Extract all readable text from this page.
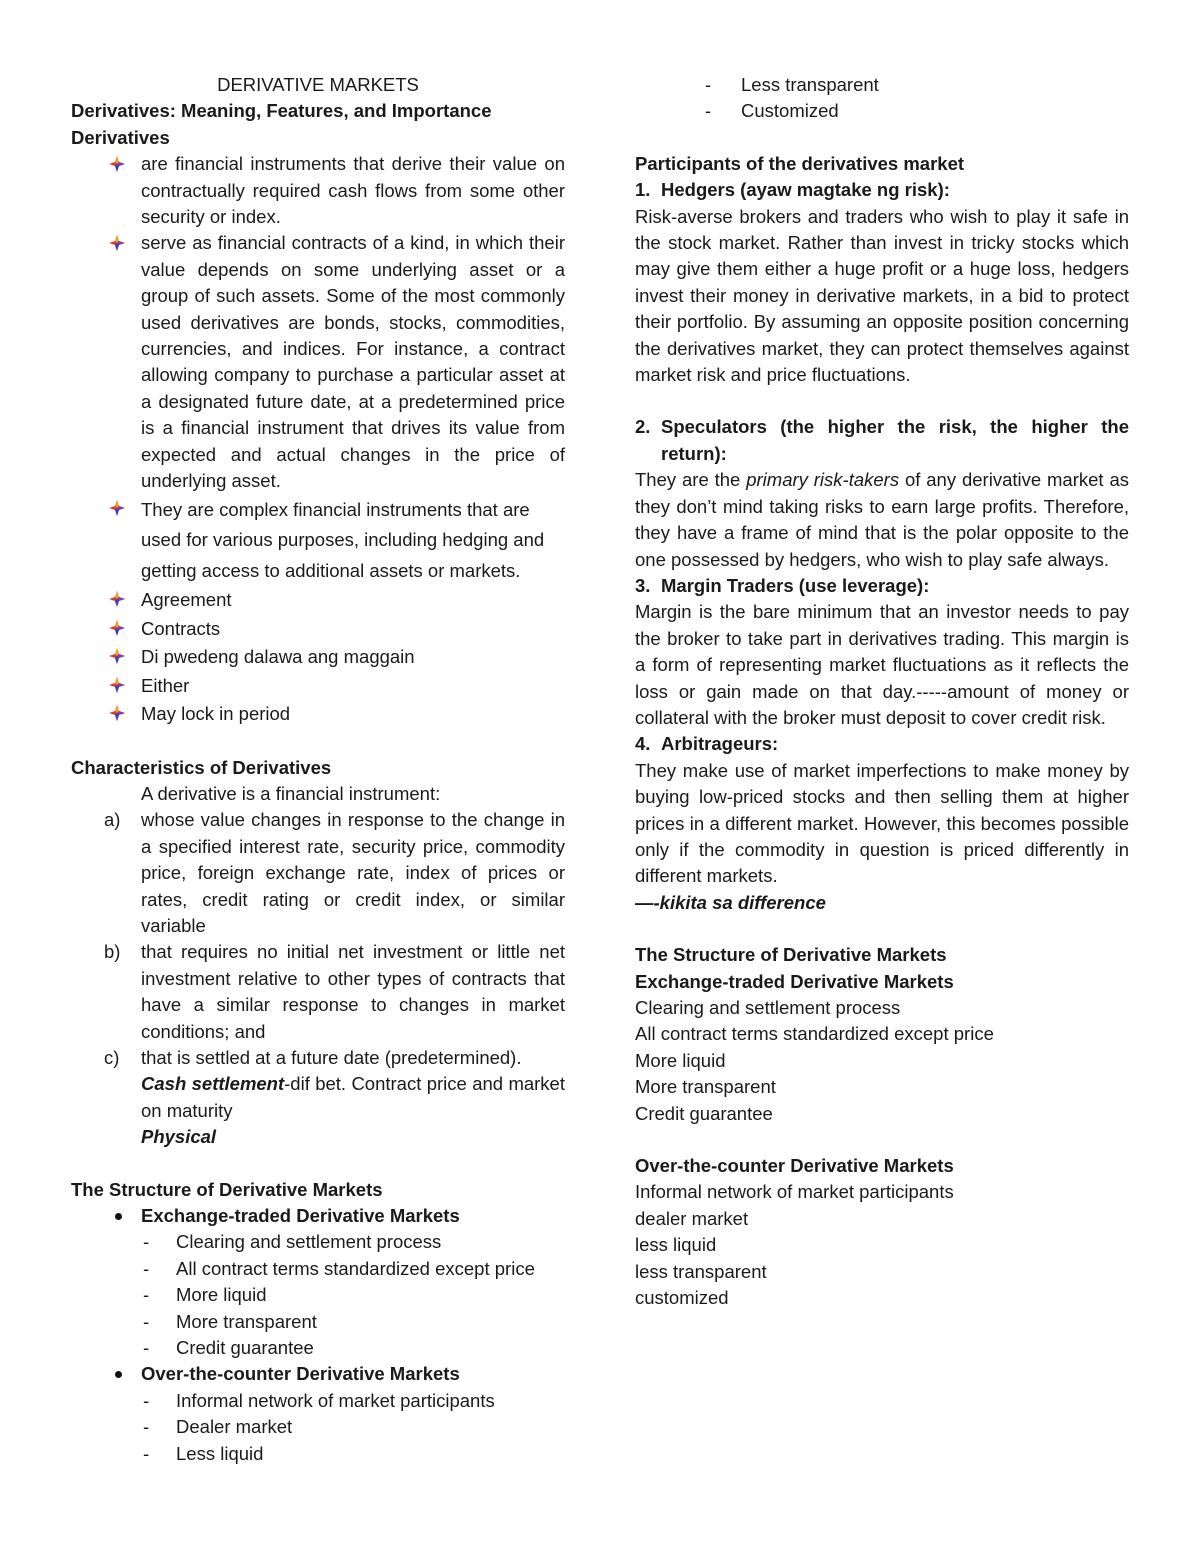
DERIVATIVE MARKETS

Derivatives: Meaning, Features, and Importance

Derivatives

are financial instruments that derive their value on contractually required cash flows from some other security or index.
serve as financial contracts of a kind, in which their value depends on some underlying asset or a group of such assets. Some of the most commonly used derivatives are bonds, stocks, commodities, currencies, and indices. For instance, a contract allowing company to purchase a particular asset at a designated future date, at a predetermined price is a financial instrument that drives its value from expected and actual changes in the price of underlying asset.
They are complex financial instruments that are used for various purposes, including hedging and getting access to additional assets or markets.
Agreement
Contracts
Di pwedeng dalawa ang maggain
Either
May lock in period

Characteristics of Derivatives

A derivative is a financial instrument:

a) whose value changes in response to the change in a specified interest rate, security price, commodity price, foreign exchange rate, index of prices or rates, credit rating or credit index, or similar variable
b) that requires no initial net investment or little net investment relative to other types of contracts that have a similar response to changes in market conditions; and
c) that is settled at a future date (predetermined).

Cash settlement-dif bet. Contract price and market on maturity

Physical

The Structure of Derivative Markets

Exchange-traded Derivative Markets
- Clearing and settlement process
- All contract terms standardized except price
- More liquid
- More transparent
- Credit guarantee
Over-the-counter Derivative Markets
- Informal network of market participants
- Dealer market
- Less liquid
- Less transparent
- Customized

Participants of the derivatives market

1. Hedgers (ayaw magtake ng risk):

Risk-averse brokers and traders who wish to play it safe in the stock market. Rather than invest in tricky stocks which may give them either a huge profit or a huge loss, hedgers invest their money in derivative markets, in a bid to protect their portfolio. By assuming an opposite position concerning the derivatives market, they can protect themselves against market risk and price fluctuations.

2. Speculators (the higher the risk, the higher the return):

They are the primary risk-takers of any derivative market as they don’t mind taking risks to earn large profits. Therefore, they have a frame of mind that is the polar opposite to the one possessed by hedgers, who wish to play safe always.

3. Margin Traders (use leverage):

Margin is the bare minimum that an investor needs to pay the broker to take part in derivatives trading. This margin is a form of representing market fluctuations as it reflects the loss or gain made on that day.-----amount of money or collateral with the broker must deposit to cover credit risk.

4. Arbitrageurs:

They make use of market imperfections to make money by buying low-priced stocks and then selling them at higher prices in a different market. However, this becomes possible only if the commodity in question is priced differently in different markets.

—-kikita sa difference

The Structure of Derivative Markets

Exchange-traded Derivative Markets

Clearing and settlement process

All contract terms standardized except price

More liquid

More transparent

Credit guarantee

Over-the-counter Derivative Markets

Informal network of market participants

dealer market

less liquid

less transparent

customized
